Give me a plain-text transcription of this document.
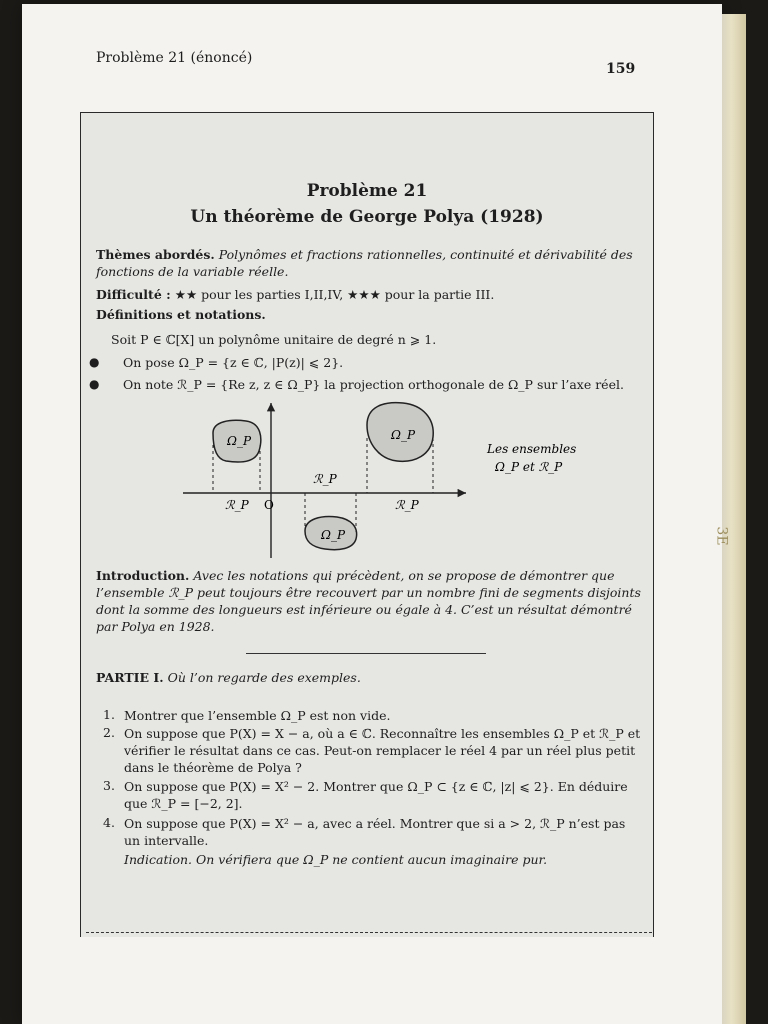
3E
Problème 21 (énoncé)
159
Problème 21
Un théorème de George Polya (1928)
Thèmes abordés. Polynômes et fractions rationnelles, continuité et dérivabilité des fonctions de la variable réelle.
Difficulté : ★★ pour les parties I,II,IV, ★★★ pour la partie III.
Définitions et notations.
Soit P ∈ ℂ[X] un polynôme unitaire de degré n ⩾ 1.
● On pose Ω_P = {z ∈ ℂ, |P(z)| ⩽ 2}.
● On note ℛ_P = {Re z, z ∈ Ω_P} la projection orthogonale de Ω_P sur l’axe réel.
O
Ω_P
ℛ_P
Ω_P
ℛ_P
Ω_P
ℛ_P
Les ensembles
Ω_P et ℛ_P
Introduction. Avec les notations qui précèdent, on se propose de démontrer que l’ensemble ℛ_P peut toujours être recouvert par un nombre fini de segments disjoints dont la somme des longueurs est inférieure ou égale à 4. C’est un résultat démontré par Polya en 1928.
PARTIE I. Où l’on regarde des exemples.
1. Montrer que l’ensemble Ω_P est non vide.
2. On suppose que P(X) = X − a, où a ∈ ℂ. Reconnaître les ensembles Ω_P et ℛ_P et vérifier le résultat dans ce cas. Peut-on remplacer le réel 4 par un réel plus petit dans le théorème de Polya ?
3. On suppose que P(X) = X² − 2. Montrer que Ω_P ⊂ {z ∈ ℂ, |z| ⩽ 2}. En déduire que ℛ_P = [−2, 2].
4. On suppose que P(X) = X² − a, avec a réel. Montrer que si a > 2, ℛ_P n’est pas un intervalle.
Indication. On vérifiera que Ω_P ne contient aucun imaginaire pur.
